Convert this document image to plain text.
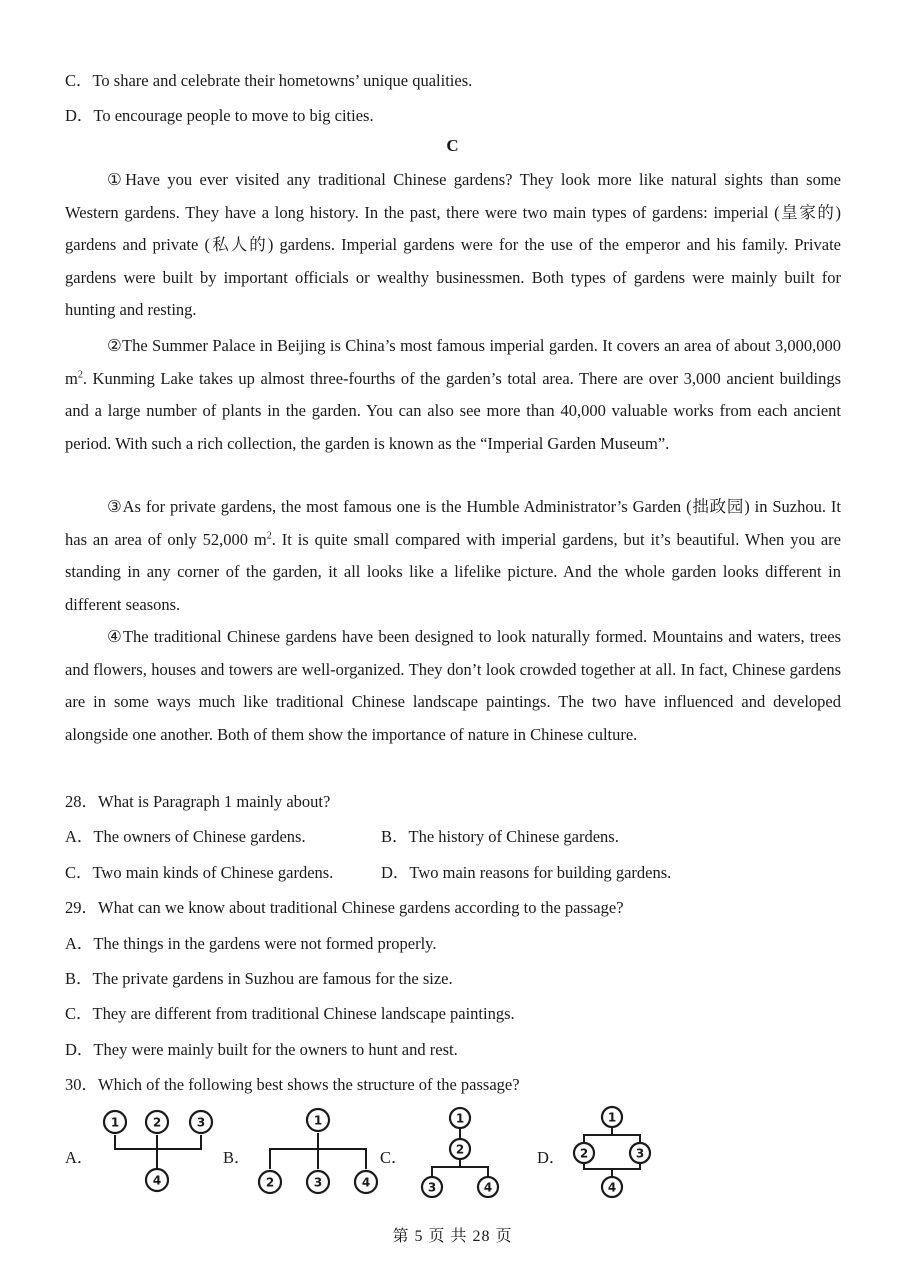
C．To share and celebrate their hometowns’ unique qualities.
D．To encourage people to move to big cities.
C
①Have you ever visited any traditional Chinese gardens? They look more like natural sights than some Western gardens. They have a long history. In the past, there were two main types of gardens: imperial (皇家的) gardens and private (私人的) gardens. Imperial gardens were for the use of the emperor and his family. Private gardens were built by important officials or wealthy businessmen. Both types of gardens were mainly built for hunting and resting.
②The Summer Palace in Beijing is China’s most famous imperial garden. It covers an area of about 3,000,000 $m^2$. Kunming Lake takes up almost three-fourths of the garden’s total area. There are over 3,000 ancient buildings and a large number of plants in the garden. You can also see more than 40,000 valuable works from each ancient period. With such a rich collection, the garden is known as the “Imperial Garden Museum”.
③As for private gardens, the most famous one is the Humble Administrator’s Garden (拙政园) in Suzhou. It has an area of only 52,000 $m^2$. It is quite small compared with imperial gardens, but it’s beautiful. When you are standing in any corner of the garden, it all looks like a lifelike picture. And the whole garden looks different in different seasons.
④The traditional Chinese gardens have been designed to look naturally formed. Mountains and waters, trees and flowers, houses and towers are well-organized. They don’t look crowded together at all. In fact, Chinese gardens are in some ways much like traditional Chinese landscape paintings. The two have influenced and developed alongside one another. Both of them show the importance of nature in Chinese culture.
28．What is Paragraph 1 mainly about?
A．The owners of Chinese gardens.	B．The history of Chinese gardens.
C．Two main kinds of Chinese gardens.	D．Two main reasons for building gardens.
29．What can we know about traditional Chinese gardens according to the passage?
A．The things in the gardens were not formed properly.
B．The private gardens in Suzhou are famous for the size.
C．They are different from traditional Chinese landscape paintings.
D．They were mainly built for the owners to hunt and rest.
30．Which of the following best shows the structure of the passage?
A．	B．	C．	D．
1	2	3
4
1
2	3	4
1
2
3	4
1
2	3
4
第 5 页 共 28 页
